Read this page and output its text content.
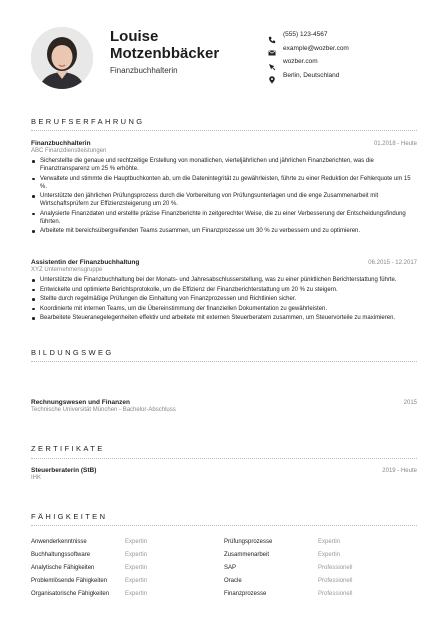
Louise Motzenbbäcker
Finanzbuchhalterin
(555) 123-4567
example@wozber.com
wozber.com
Berlin, Deutschland
BERUFSERFAHRUNG
Finanzbuchhalterin	01.2018 - Heute
ABC Finanzdienstleistungen
Sicherstellte die genaue und rechtzeitige Erstellung von monatlichen, vierteljährlichen und jährlichen Finanzberichten, was die Finanztransparenz um 25 % erhöhte.
Verwaltete und stimmte die Hauptbuchkonten ab, um die Datenintegrität zu gewährleisten, führte zu einer Reduktion der Fehlerquote um 15 %.
Unterstützte den jährlichen Prüfungsprozess durch die Vorbereitung von Prüfungsunterlagen und die enge Zusammenarbeit mit Wirtschaftsprüfern zur Effizienzsteigerung um 20 %.
Analysierte Finanzdaten und erstellte präzise Finanzberichte in zeitgerechter Weise, die zu einer Verbesserung der Entscheidungsfindung führten.
Arbeitete mit bereichsübergreifenden Teams zusammen, um Finanzprozesse um 30 % zu verbessern und zu optimieren.
Assistentin der Finanzbuchhaltung	06.2015 - 12.2017
XYZ Unternehmensgruppe
Unterstützte die Finanzbuchhaltung bei der Monats- und Jahresabschlusserstellung, was zu einer pünktlichen Berichterstattung führte.
Entwickelte und optimierte Berichtsprotokolle, um die Effizienz der Finanzberichterstattung um 20 % zu steigern.
Stellte durch regelmäßige Prüfungen die Einhaltung von Finanzprozessen und Richtlinien sicher.
Koordinierte mit internen Teams, um die Übereinstimmung der finanziellen Dokumentation zu gewährleisten.
Bearbeitete Steueranegelegenheiten effektiv und arbeitete mit externen Steuerberatern zusammen, um Steuervorteile zu maximieren.
BILDUNGSWEG
Rechnungswesen und Finanzen	2015
Technische Universität München - Bachelor-Abschluss
ZERTIFIKATE
Steuerberaterin (StB)	2019 - Heute
IHK
FÄHIGKEITEN
Anwenderkenntnisse	Expertin	Prüfungsprozesse	Expertin
Buchhaltungssoftware	Expertin	Zusammenarbeit	Expertin
Analytische Fähigkeiten	Expertin	SAP	Professionell
Problemlösende Fähigkeiten	Expertin	Oracle	Professionell
Organisatorische Fähigkeiten	Expertin	Finanzprozesse	Professionell
